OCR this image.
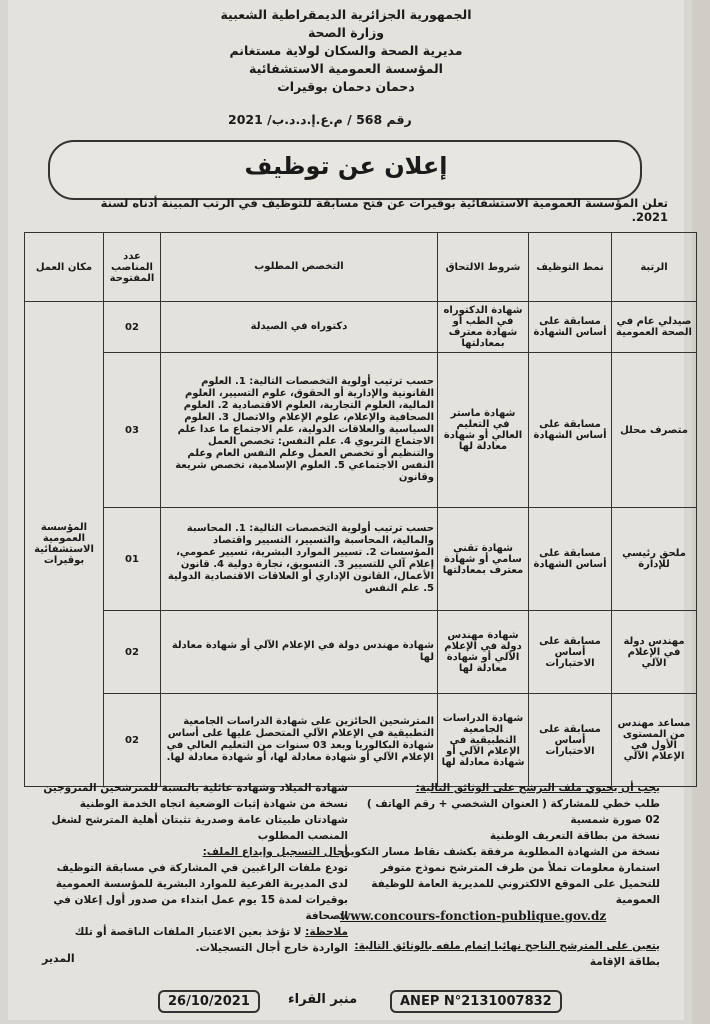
الجمهورية الجزائرية الديمقراطية الشعبية
وزارة الصحة
مديرية الصحة والسكان لولاية مستغانم
المؤسسة العمومية الاستشفائية
دحمان دحمان بوقيرات
رقم 568 / م.ع.إ.د.د.ب/ 2021
إعلان عن توظيف
تعلن المؤسسة العمومية الاستشفائية بوقيرات عن فتح مسابقة للتوظيف في الرتب المبينة أدناه لسنة 2021.
الرتبة	نمط التوظيف	شروط الالتحاق	التخصص المطلوب	عدد المناصب المفتوحة	مكان العمل
صيدلي عام في الصحة العمومية	مسابقة على أساس الشهادة	شهادة الدكتوراه في الطب أو شهادة معترف بمعادلتها	دكتوراه في الصيدلة	02	المؤسسة العمومية الاستشفائية بوقيرات
متصرف محلل	مسابقة على أساس الشهادة	شهادة ماستر في التعليم العالي أو شهادة معادلة لها	حسب ترتيب أولوية التخصصات التالية: 1. العلوم القانونية والإدارية أو الحقوق، علوم التسيير، العلوم المالية، العلوم التجارية، العلوم الاقتصادية 2. العلوم الصحافية والإعلام، علوم الإعلام والاتصال 3. العلوم السياسية والعلاقات الدولية، علم الاجتماع ما عدا علم الاجتماع التربوي 4. علم النفس: تخصص العمل والتنظيم أو تخصص العمل وعلم النفس العام وعلم النفس الاجتماعي 5. العلوم الإسلامية، تخصص شريعة وقانون	03	
ملحق رئيسي للإدارة	مسابقة على أساس الشهادة	شهادة تقني سامي أو شهادة معترف بمعادلتها	حسب ترتيب أولوية التخصصات التالية: 1. المحاسبة والمالية، المحاسبة والتسيير، التسيير واقتصاد المؤسسات 2. تسيير الموارد البشرية، تسيير عمومي، إعلام آلي للتسيير 3. التسويق، تجارة دولية 4. قانون الأعمال، القانون الإداري أو العلاقات الاقتصادية الدولية 5. علم النفس	01	
مهندس دولة في الإعلام الآلي	مسابقة على أساس الاختبارات	شهادة مهندس دولة في الإعلام الآلي أو شهادة معادلة لها	شهادة مهندس دولة في الإعلام الآلي أو شهادة معادلة لها	02	
مساعد مهندس من المستوى الأول في الإعلام الآلي	مسابقة على أساس الاختبارات	شهادة الدراسات الجامعية التطبيقية في الإعلام الآلي أو شهادة معادلة لها	المترشحين الحائزين على شهادة الدراسات الجامعية التطبيقية في الإعلام الآلي المتحصل عليها على أساس شهادة البكالوريا وبعد 03 سنوات من التعليم العالي في الإعلام الآلي أو شهادة معادلة لها، أو شهادة معادلة لها.	02	
يجب أن يحتوي ملف الترشح على الوثائق التالية:
طلب خطي للمشاركة ( العنوان الشخصي + رقم الهاتف )
02 صورة شمسية
نسخة من بطاقة التعريف الوطنية
نسخة من الشهادة المطلوبة مرفقة بكشف نقاط مسار التكوين
استمارة معلومات تملأ من طرف المترشح نموذج متوفر للتحميل على الموقع الالكتروني للمديرية العامة للوظيفة العمومية
www.concours-fonction-publique.gov.dz
يتعين على المترشح الناجح نهائيا إتمام ملفه بالوثائق التالية:
بطاقة الإقامة
شهادة الميلاد وشهادة عائلية بالنسبة للمترشحين المتزوجين
نسخة من شهادة إثبات الوضعية اتجاه الخدمة الوطنية
شهادتان طبيتان عامة وصدرية تثبتان أهلية المترشح لشغل المنصب المطلوب
أجال التسجيل وإيداع الملف:
تودع ملفات الراغبين في المشاركة في مسابقة التوظيف لدى المديرية الفرعية للموارد البشرية للمؤسسة العمومية بوقيرات لمدة 15 يوم عمل ابتداء من صدور أول إعلان في الصحافة
ملاحظة: لا تؤخذ بعين الاعتبار الملفات الناقصة أو تلك الواردة خارج أجال التسجيلات.
المدير
26/10/2021	منبر القراء	ANEP N°2131007832
